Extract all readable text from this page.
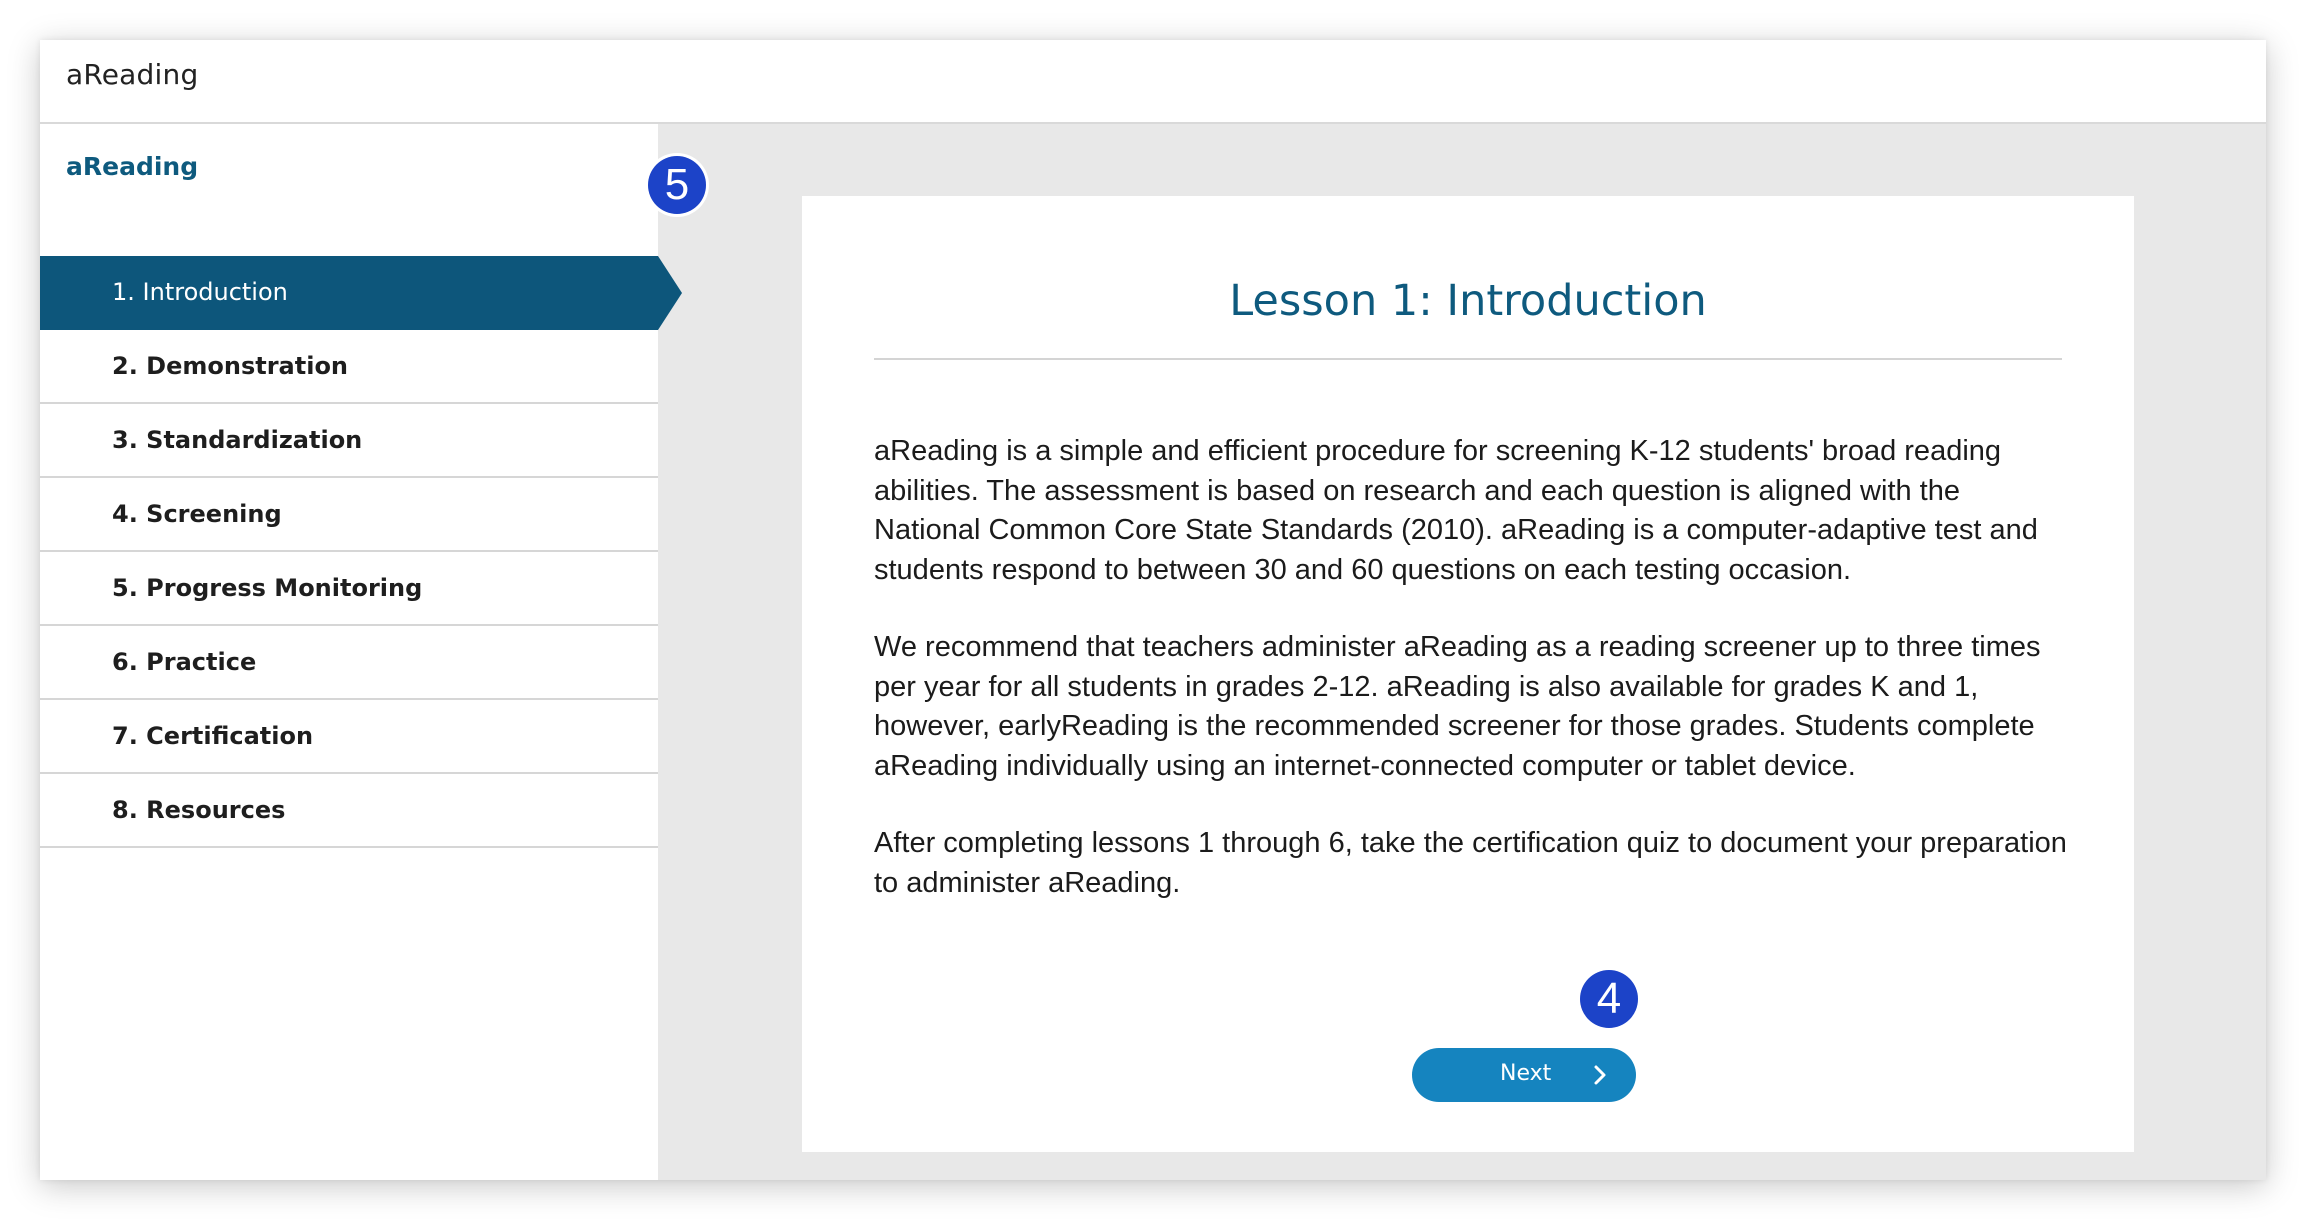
aReading
aReading
1. Introduction
2. Demonstration
3. Standardization
4. Screening
5. Progress Monitoring
6. Practice
7. Certification
8. Resources
Lesson 1: Introduction

aReading is a simple and efficient procedure for screening K-12 students' broad reading abilities. The assessment is based on research and each question is aligned with the National Common Core State Standards (2010). aReading is a computer-adaptive test and students respond to between 30 and 60 questions on each testing occasion.

We recommend that teachers administer aReading as a reading screener up to three times per year for all students in grades 2-12. aReading is also available for grades K and 1, however, earlyReading is the recommended screener for those grades. Students complete aReading individually using an internet-connected computer or tablet device.

After completing lessons 1 through 6, take the certification quiz to document your preparation to administer aReading.

Next
5
4
